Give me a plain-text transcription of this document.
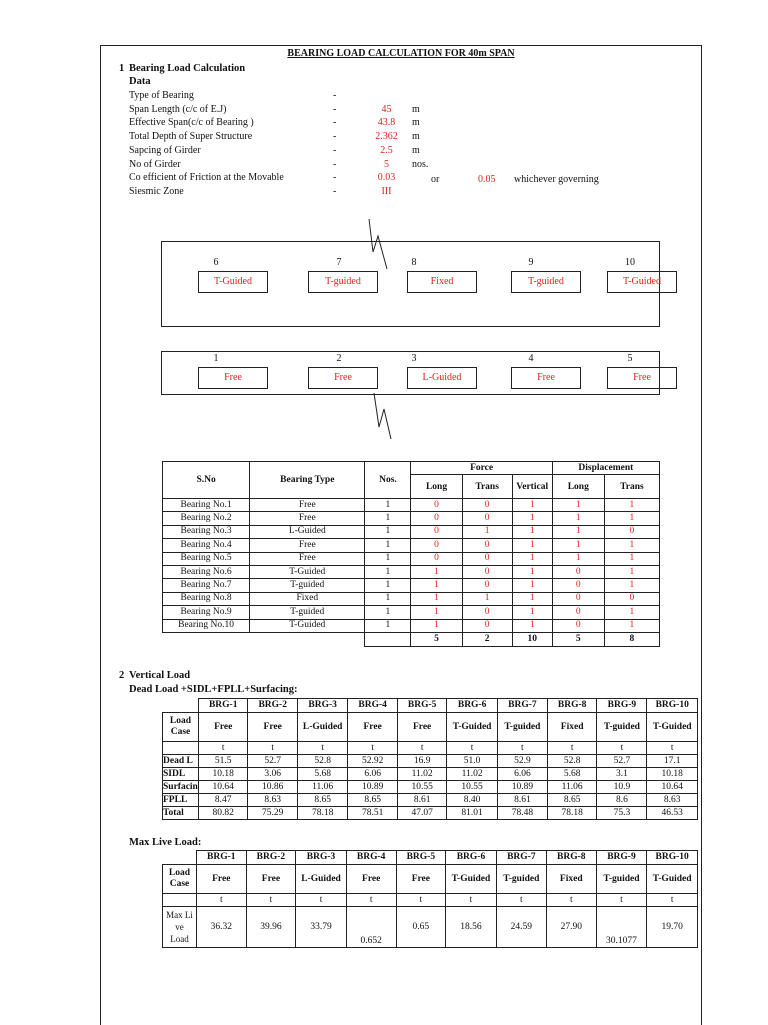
BEARING LOAD CALCULATION FOR 40m SPAN
1 Bearing Load Calculation
Data
Type of Bearing	-
Span Length (c/c of E.J)	-	45	m
Effective Span(c/c of Bearing )	-	43.8	m
Total Depth of Super Structure	-	2.362	m
Sapcing of Girder	-	2.5	m
No of Girder	-	5	nos.
Co efficient of Friction at the Movable	-	0.03
Siesmic Zone	-	III
or	0.05 whichever governing
6
T-Guided
7
T-guided
8
Fixed
9
T-guided
10
T-Guided
1
Free
2
Free
3
L-Guided
4
Free
5
Free
S.No	Bearing Type	Nos.	Force			Displacement	
			Long	Trans	Vertical	Long	Trans
Bearing No.1	Free	1	0	0	1	1	1
Bearing No.2	Free	1	0	0	1	1	1
Bearing No.3	L-Guided	1	0	1	1	1	0
Bearing No.4	Free	1	0	0	1	1	1
Bearing No.5	Free	1	0	0	1	1	1
Bearing No.6	T-Guided	1	1	0	1	0	1
Bearing No.7	T-guided	1	1	0	1	0	1
Bearing No.8	Fixed	1	1	1	1	0	0
Bearing No.9	T-guided	1	1	0	1	0	1
Bearing No.10	T-Guided	1	1	0	1	0	1
			5	2	10	5	8
2 Vertical Load
Dead Load +SIDL+FPLL+Surfacing:
	BRG-1	BRG-2	BRG-3	BRG-4	BRG-5	BRG-6	BRG-7	BRG-8	BRG-9	BRG-10
Load Case	Free	Free	L-Guided	Free	Free	T-Guided	T-guided	Fixed	T-guided	T-Guided
	t	t	t	t	t	t	t	t	t	t
Dead L	51.5	52.7	52.8	52.92	16.9	51.0	52.9	52.8	52.7	17.1
SIDL	10.18	3.06	5.68	6.06	11.02	11.02	6.06	5.68	3.1	10.18
Surfacin	10.64	10.86	11.06	10.89	10.55	10.55	10.89	11.06	10.9	10.64
FPLL	8.47	8.63	8.65	8.65	8.61	8.40	8.61	8.65	8.6	8.63
Total	80.82	75.29	78.18	78.51	47.07	81.01	78.48	78.18	75.3	46.53
Max Live Load:
	BRG-1	BRG-2	BRG-3	BRG-4	BRG-5	BRG-6	BRG-7	BRG-8	BRG-9	BRG-10
Load Case	Free	Free	L-Guided	Free	Free	T-Guided	T-guided	Fixed	T-guided	T-Guided
	t	t	t	t	t	t	t	t	t	t

Max Li
ve
Load	36.32	39.96	33.79	0.652	0.65	18.56	24.59	27.90	30.1077	19.70
